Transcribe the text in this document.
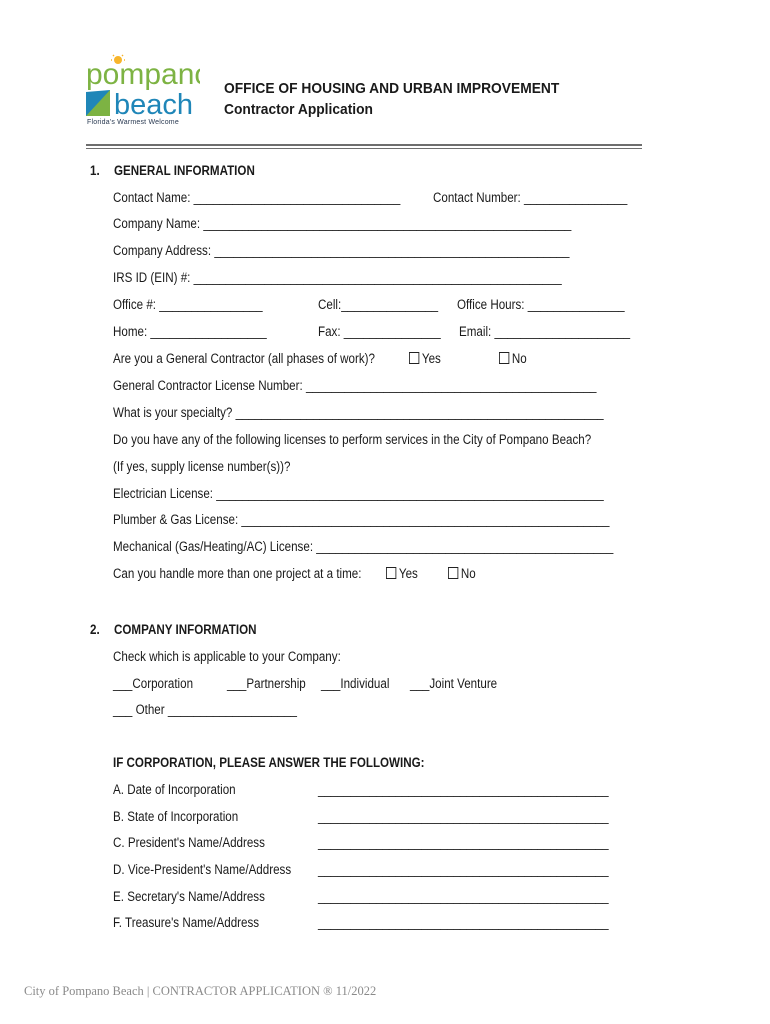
pompano
beach
Florida's Warmest Welcome
OFFICE OF HOUSING AND URBAN IMPROVEMENT
Contractor Application
1. GENERAL INFORMATION
Contact Name: ________________________________ Contact Number: ________________
Company Name: _________________________________________________________
Company Address: _______________________________________________________
IRS ID (EIN) #: _________________________________________________________
Office #: ________________	Cell:_______________ Office Hours: _______________
Home: __________________	Fax: _______________ Email: _____________________
Are you a General Contractor (all phases of work)?	Yes	No
General Contractor License Number: _____________________________________________
What is your specialty? _________________________________________________________
Do you have any of the following licenses to perform services in the City of Pompano Beach?
(If yes, supply license number(s))?
Electrician License: ____________________________________________________________
Plumber & Gas License: _________________________________________________________
Mechanical (Gas/Heating/AC) License: ______________________________________________
Can you handle more than one project at a time:	Yes	No
2. COMPANY INFORMATION
Check which is applicable to your Company:
___Corporation	___Partnership ___Individual ___Joint Venture
___ Other ____________________
IF CORPORATION, PLEASE ANSWER THE FOLLOWING:
A. Date of Incorporation	_____________________________________________
B. State of Incorporation	_____________________________________________
C. President's Name/Address	_____________________________________________
D. Vice-President's Name/Address _____________________________________________
E. Secretary's Name/Address	_____________________________________________
F. Treasure's Name/Address	_____________________________________________
City of Pompano Beach | CONTRACTOR APPLICATION ® 11/2022
